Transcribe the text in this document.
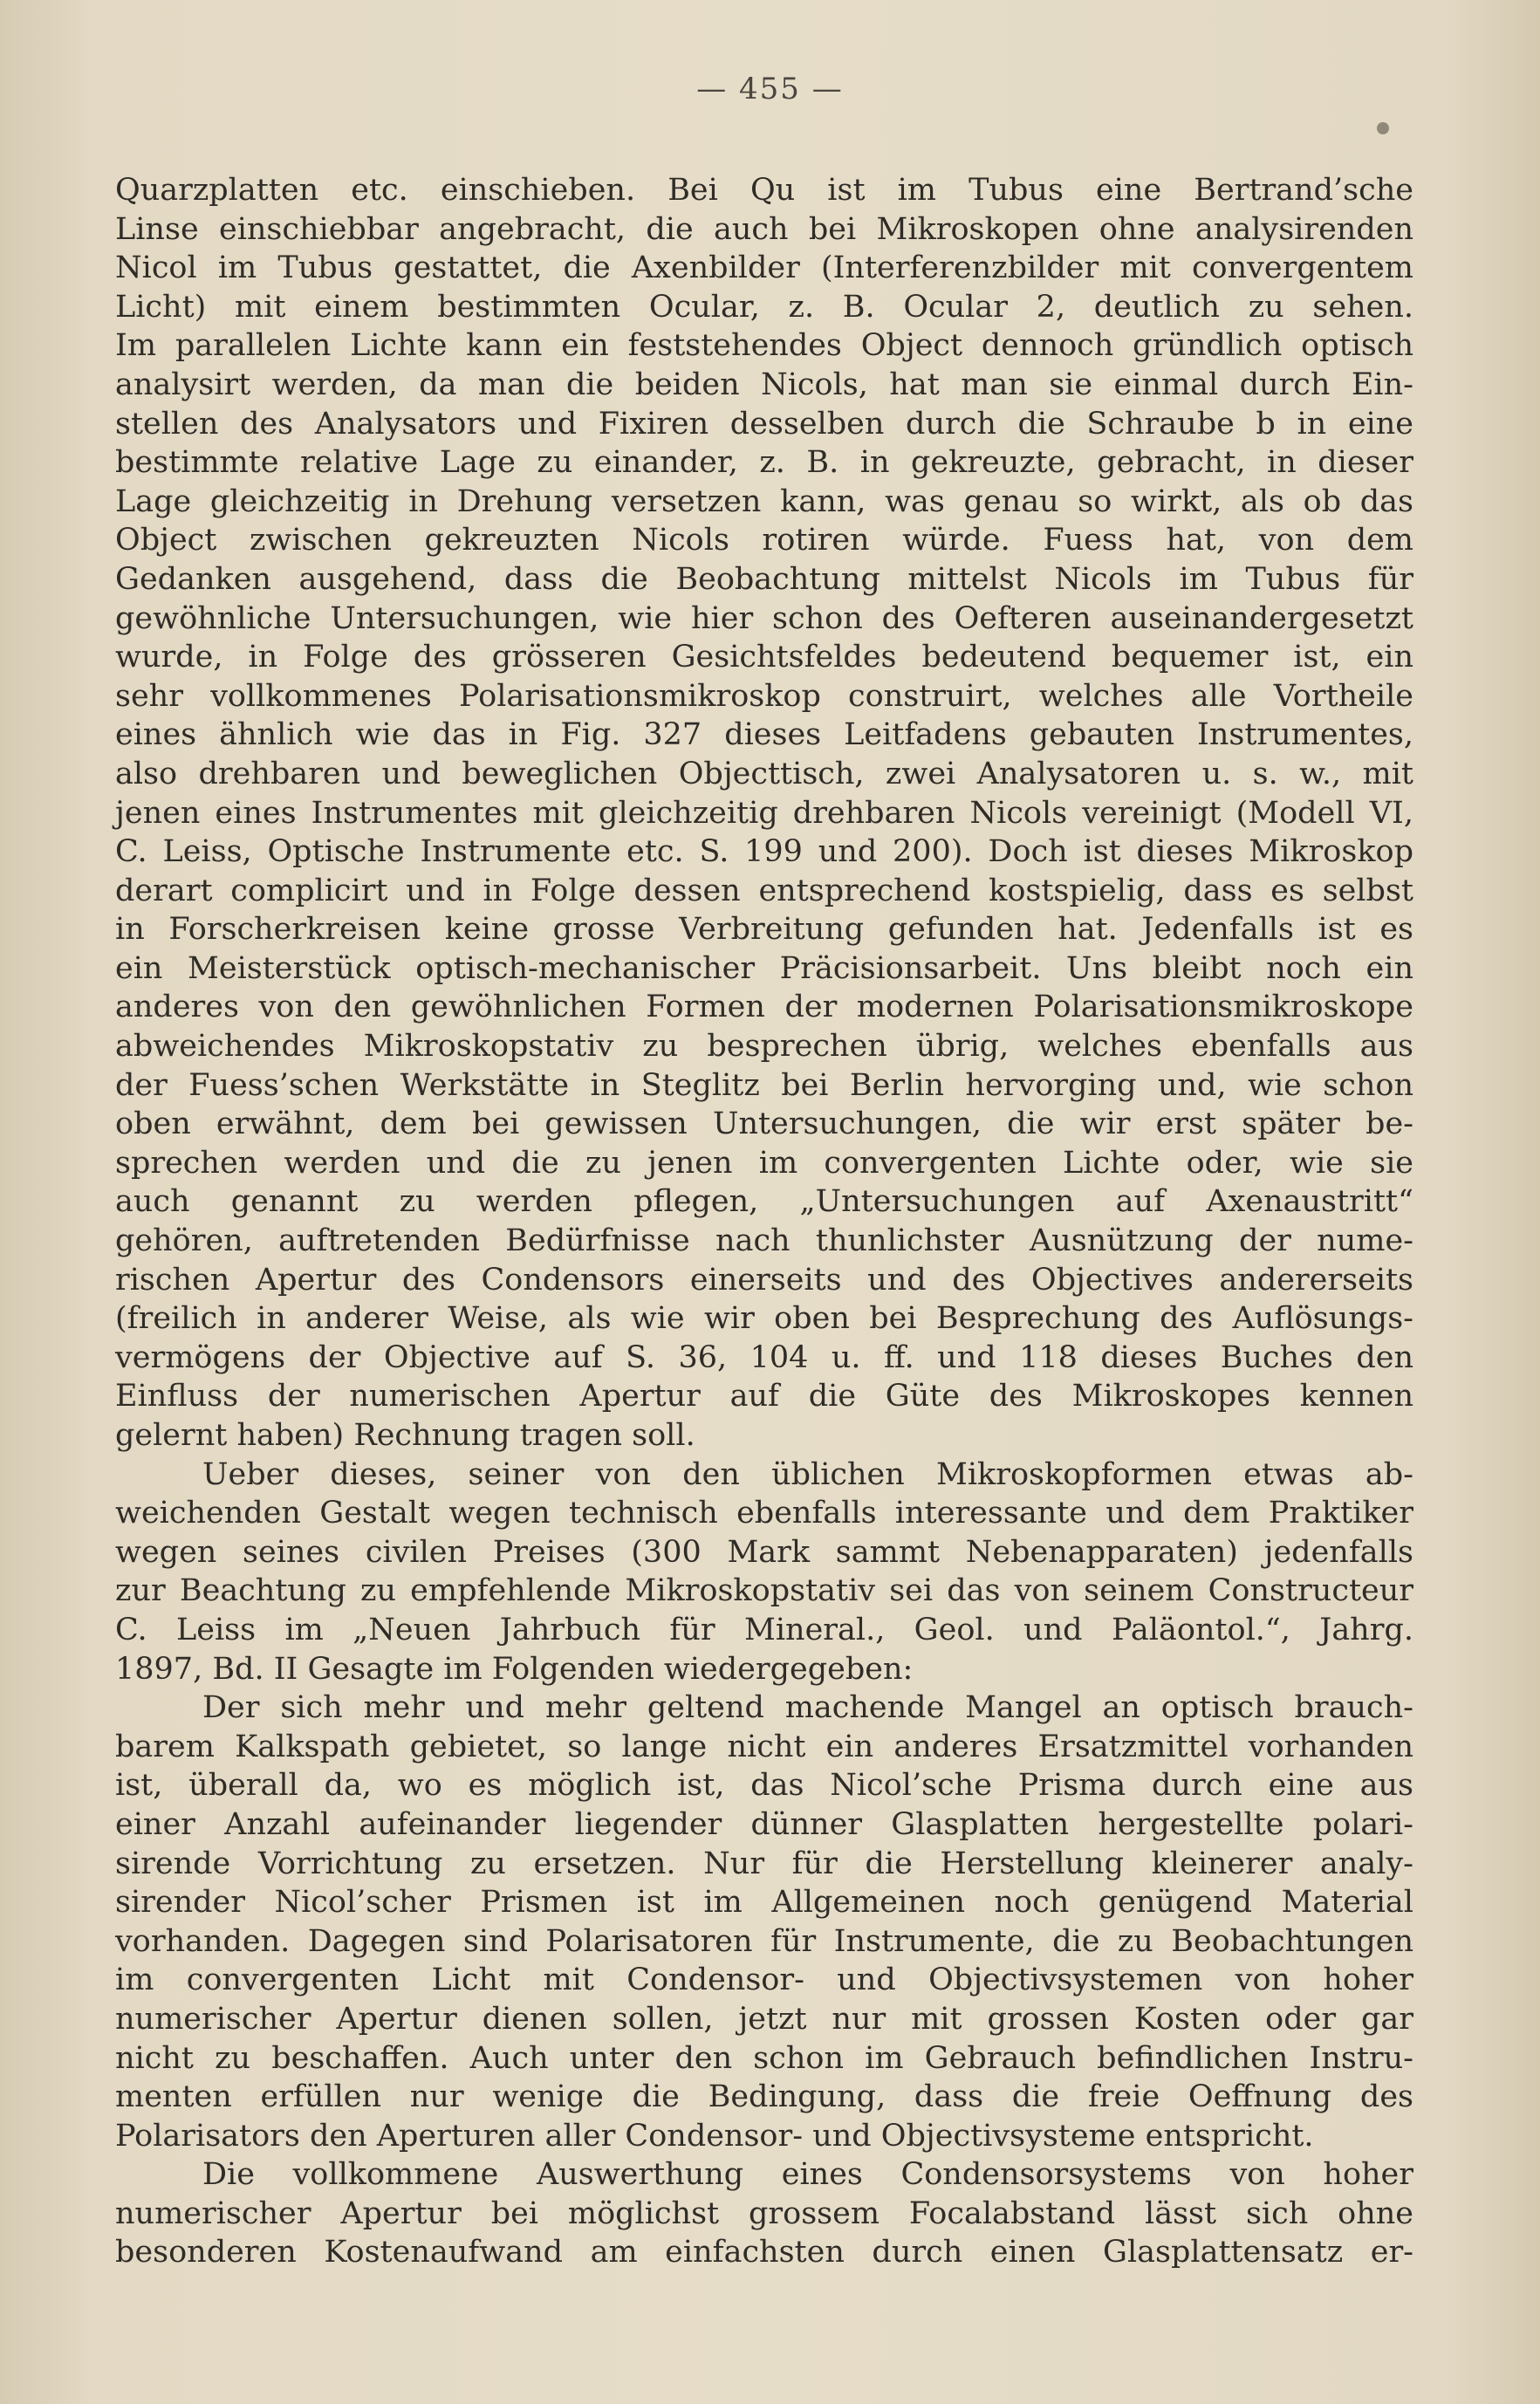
— 455 —
Quarzplatten etc. einschieben. Bei Qu ist im Tubus eine Bertrand’sche
Linse einschiebbar angebracht, die auch bei Mikroskopen ohne analysirenden
Nicol im Tubus gestattet, die Axenbilder (Interferenzbilder mit convergentem
Licht) mit einem bestimmten Ocular, z. B. Ocular 2, deutlich zu sehen.
Im parallelen Lichte kann ein feststehendes Object dennoch gründlich optisch
analysirt werden, da man die beiden Nicols, hat man sie einmal durch Ein-
stellen des Analysators und Fixiren desselben durch die Schraube b in eine
bestimmte relative Lage zu einander, z. B. in gekreuzte, gebracht, in dieser
Lage gleichzeitig in Drehung versetzen kann, was genau so wirkt, als ob das
Object zwischen gekreuzten Nicols rotiren würde. Fuess hat, von dem
Gedanken ausgehend, dass die Beobachtung mittelst Nicols im Tubus für
gewöhnliche Untersuchungen, wie hier schon des Oefteren auseinandergesetzt
wurde, in Folge des grösseren Gesichtsfeldes bedeutend bequemer ist, ein
sehr vollkommenes Polarisationsmikroskop construirt, welches alle Vortheile
eines ähnlich wie das in Fig. 327 dieses Leitfadens gebauten Instrumentes,
also drehbaren und beweglichen Objecttisch, zwei Analysatoren u. s. w., mit
jenen eines Instrumentes mit gleichzeitig drehbaren Nicols vereinigt (Modell VI,
C. Leiss, Optische Instrumente etc. S. 199 und 200). Doch ist dieses Mikroskop
derart complicirt und in Folge dessen entsprechend kostspielig, dass es selbst
in Forscherkreisen keine grosse Verbreitung gefunden hat. Jedenfalls ist es
ein Meisterstück optisch-mechanischer Präcisionsarbeit. Uns bleibt noch ein
anderes von den gewöhnlichen Formen der modernen Polarisationsmikroskope
abweichendes Mikroskopstativ zu besprechen übrig, welches ebenfalls aus
der Fuess’schen Werkstätte in Steglitz bei Berlin hervorging und, wie schon
oben erwähnt, dem bei gewissen Untersuchungen, die wir erst später be-
sprechen werden und die zu jenen im convergenten Lichte oder, wie sie
auch genannt zu werden pflegen, „Untersuchungen auf Axenaustritt“
gehören, auftretenden Bedürfnisse nach thunlichster Ausnützung der nume-
rischen Apertur des Condensors einerseits und des Objectives andererseits
(freilich in anderer Weise, als wie wir oben bei Besprechung des Auflösungs-
vermögens der Objective auf S. 36, 104 u. ff. und 118 dieses Buches den
Einfluss der numerischen Apertur auf die Güte des Mikroskopes kennen
gelernt haben) Rechnung tragen soll.
Ueber dieses, seiner von den üblichen Mikroskopformen etwas ab-
weichenden Gestalt wegen technisch ebenfalls interessante und dem Praktiker
wegen seines civilen Preises (300 Mark sammt Nebenapparaten) jedenfalls
zur Beachtung zu empfehlende Mikroskopstativ sei das von seinem Constructeur
C. Leiss im „Neuen Jahrbuch für Mineral., Geol. und Paläontol.“, Jahrg.
1897, Bd. II Gesagte im Folgenden wiedergegeben:
Der sich mehr und mehr geltend machende Mangel an optisch brauch-
barem Kalkspath gebietet, so lange nicht ein anderes Ersatzmittel vorhanden
ist, überall da, wo es möglich ist, das Nicol’sche Prisma durch eine aus
einer Anzahl aufeinander liegender dünner Glasplatten hergestellte polari-
sirende Vorrichtung zu ersetzen. Nur für die Herstellung kleinerer analy-
sirender Nicol’scher Prismen ist im Allgemeinen noch genügend Material
vorhanden. Dagegen sind Polarisatoren für Instrumente, die zu Beobachtungen
im convergenten Licht mit Condensor- und Objectivsystemen von hoher
numerischer Apertur dienen sollen, jetzt nur mit grossen Kosten oder gar
nicht zu beschaffen. Auch unter den schon im Gebrauch befindlichen Instru-
menten erfüllen nur wenige die Bedingung, dass die freie Oeffnung des
Polarisators den Aperturen aller Condensor- und Objectivsysteme entspricht.
Die vollkommene Auswerthung eines Condensorsystems von hoher
numerischer Apertur bei möglichst grossem Focalabstand lässt sich ohne
besonderen Kostenaufwand am einfachsten durch einen Glasplattensatz er-
